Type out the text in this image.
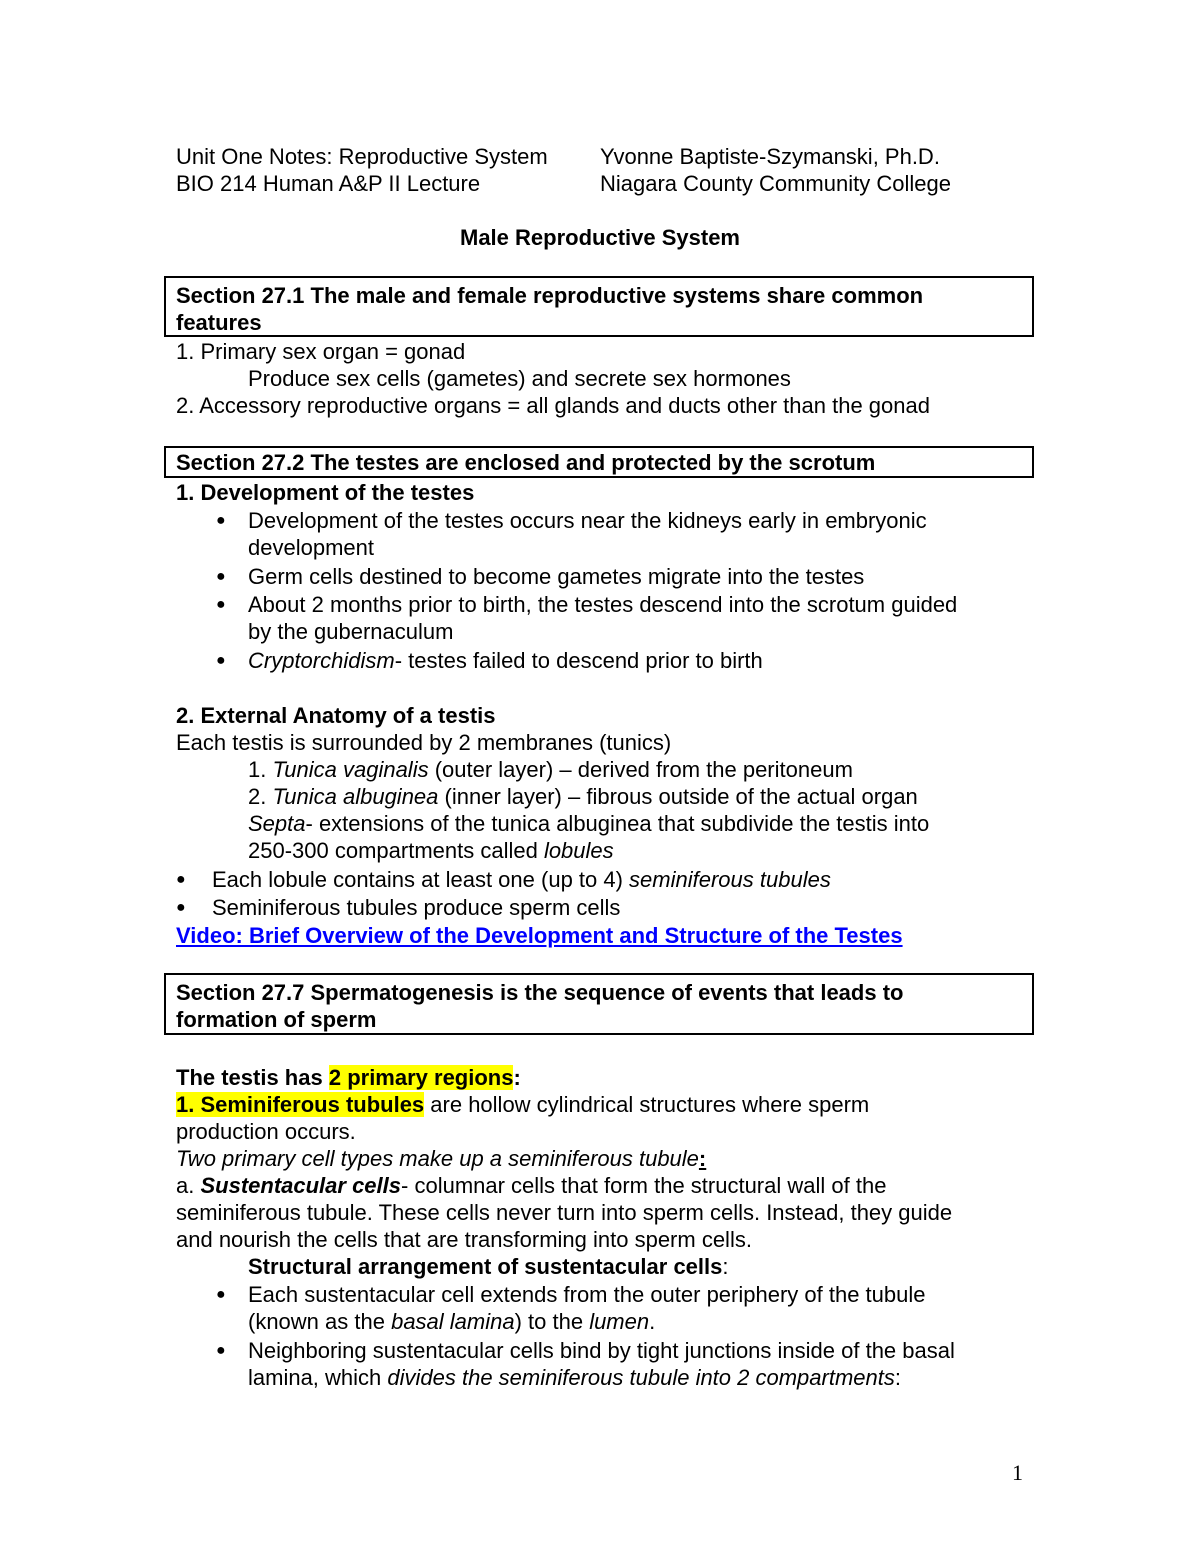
Unit One Notes: Reproductive System
BIO 214 Human A&P II Lecture
Yvonne Baptiste-Szymanski, Ph.D.
Niagara County Community College
Male Reproductive System
Section 27.1 The male and female reproductive systems share common
features
1. Primary sex organ = gonad
Produce sex cells (gametes) and secrete sex hormones
2. Accessory reproductive organs = all glands and ducts other than the gonad
Section 27.2 The testes are enclosed and protected by the scrotum
1. Development of the testes
● Development of the testes occurs near the kidneys early in embryonic
development
● Germ cells destined to become gametes migrate into the testes
● About 2 months prior to birth, the testes descend into the scrotum guided
by the gubernaculum
● Cryptorchidism- testes failed to descend prior to birth
2. External Anatomy of a testis
Each testis is surrounded by 2 membranes (tunics)
1. Tunica vaginalis (outer layer) – derived from the peritoneum
2. Tunica albuginea (inner layer) – fibrous outside of the actual organ
Septa- extensions of the tunica albuginea that subdivide the testis into
250-300 compartments called lobules
● Each lobule contains at least one (up to 4) seminiferous tubules
● Seminiferous tubules produce sperm cells
Video: Brief Overview of the Development and Structure of the Testes
Section 27.7 Spermatogenesis is the sequence of events that leads to
formation of sperm
The testis has 2 primary regions:
1. Seminiferous tubules are hollow cylindrical structures where sperm
production occurs.
Two primary cell types make up a seminiferous tubule:
a. Sustentacular cells- columnar cells that form the structural wall of the
seminiferous tubule. These cells never turn into sperm cells. Instead, they guide
and nourish the cells that are transforming into sperm cells.
Structural arrangement of sustentacular cells:
● Each sustentacular cell extends from the outer periphery of the tubule
(known as the basal lamina) to the lumen.
● Neighboring sustentacular cells bind by tight junctions inside of the basal
lamina, which divides the seminiferous tubule into 2 compartments:
1
